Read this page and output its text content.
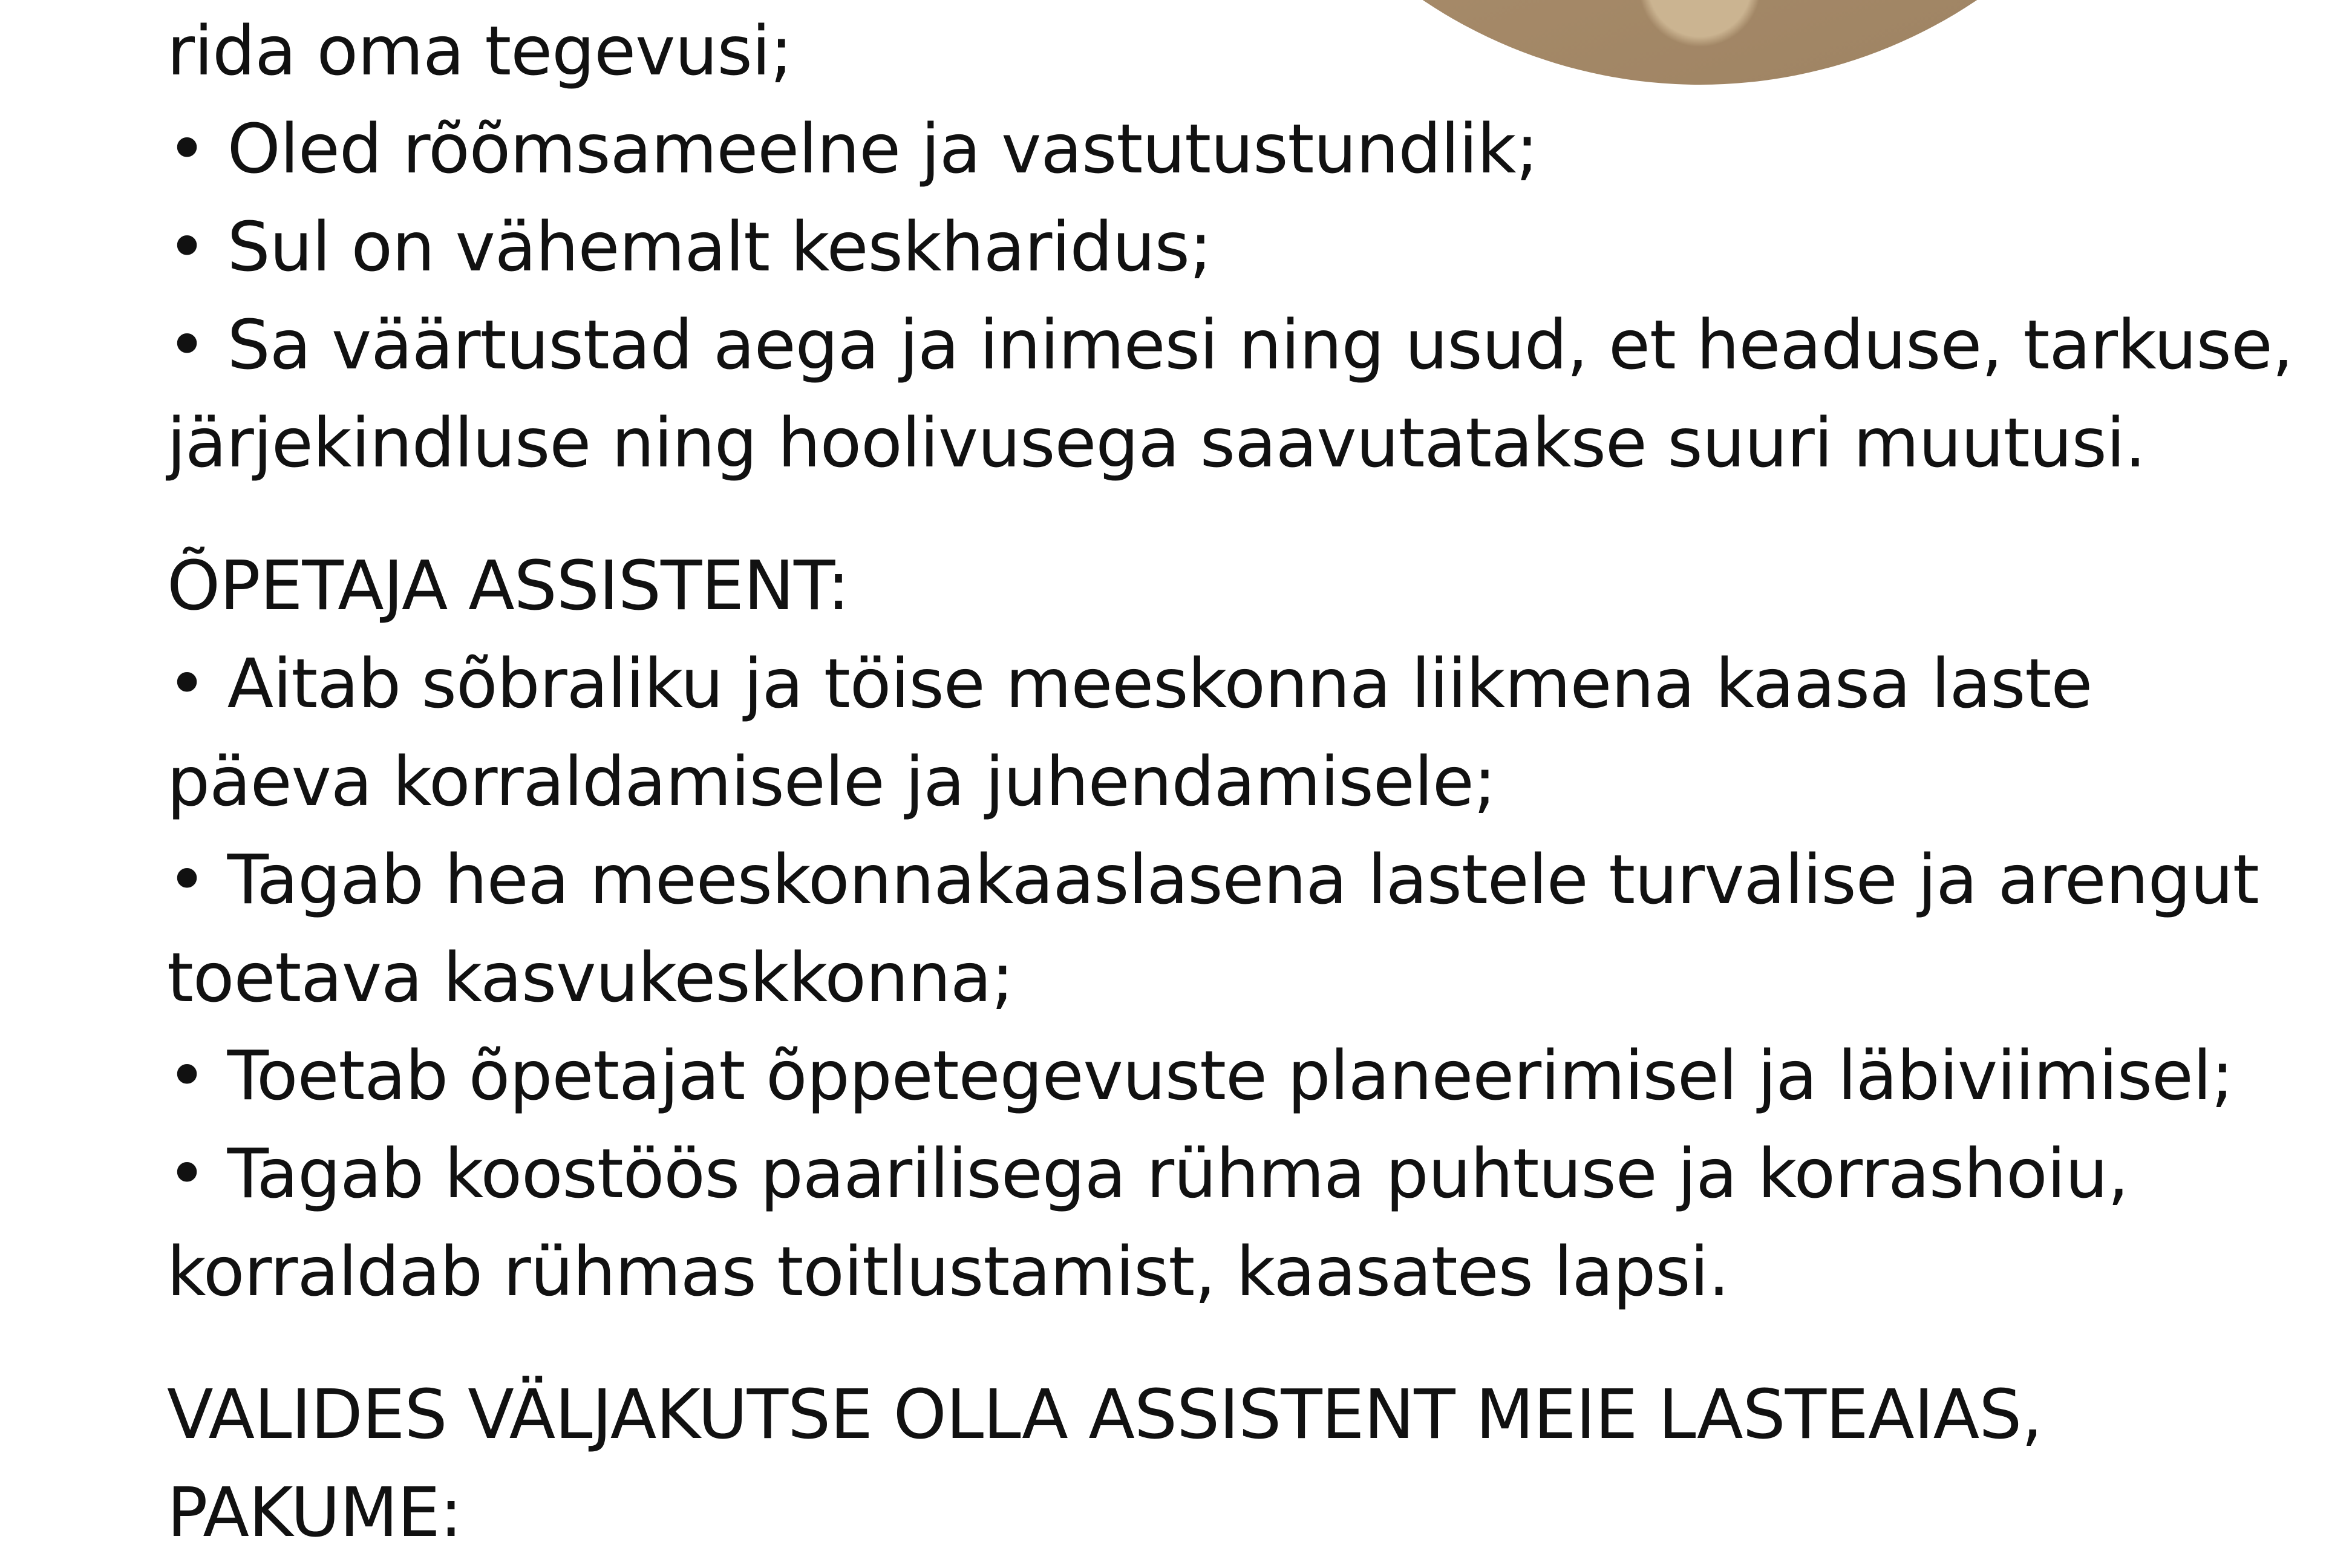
rida oma tegevusi;
• Oled rõõmsameelne ja vastutustundlik;
• Sul on vähemalt keskharidus;
• Sa väärtustad aega ja inimesi ning usud, et headuse, tarkuse,
järjekindluse ning hoolivusega saavutatakse suuri muutusi.
ÕPETAJA ASSISTENT:
• Aitab sõbraliku ja töise meeskonna liikmena kaasa laste
päeva korraldamisele ja juhendamisele;
• Tagab hea meeskonnakaaslasena lastele turvalise ja arengut
toetava kasvukeskkonna;
• Toetab õpetajat õppetegevuste planeerimisel ja läbiviimisel;
• Tagab koostöös paarilisega rühma puhtuse ja korrashoiu,
korraldab rühmas toitlustamist, kaasates lapsi.
VALIDES VÄLJAKUTSE OLLA ASSISTENT MEIE LASTEAIAS,
PAKUME:
